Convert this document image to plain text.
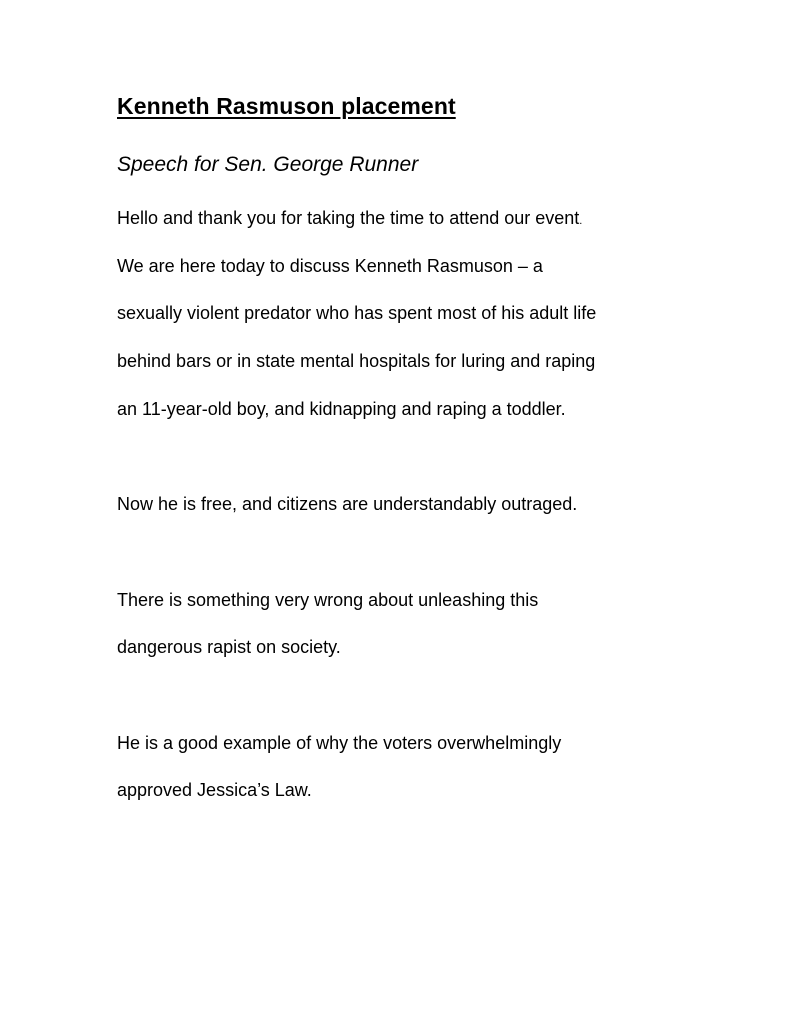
Kenneth Rasmuson placement
Speech for Sen. George Runner

Hello and thank you for taking the time to attend our event.

We are here today to discuss Kenneth Rasmuson – a

sexually violent predator who has spent most of his adult life

behind bars or in state mental hospitals for luring and raping

an 11-year-old boy, and kidnapping and raping a toddler.

Now he is free, and citizens are understandably outraged.

There is something very wrong about unleashing this

dangerous rapist on society.

He is a good example of why the voters overwhelmingly

approved Jessica’s Law.
